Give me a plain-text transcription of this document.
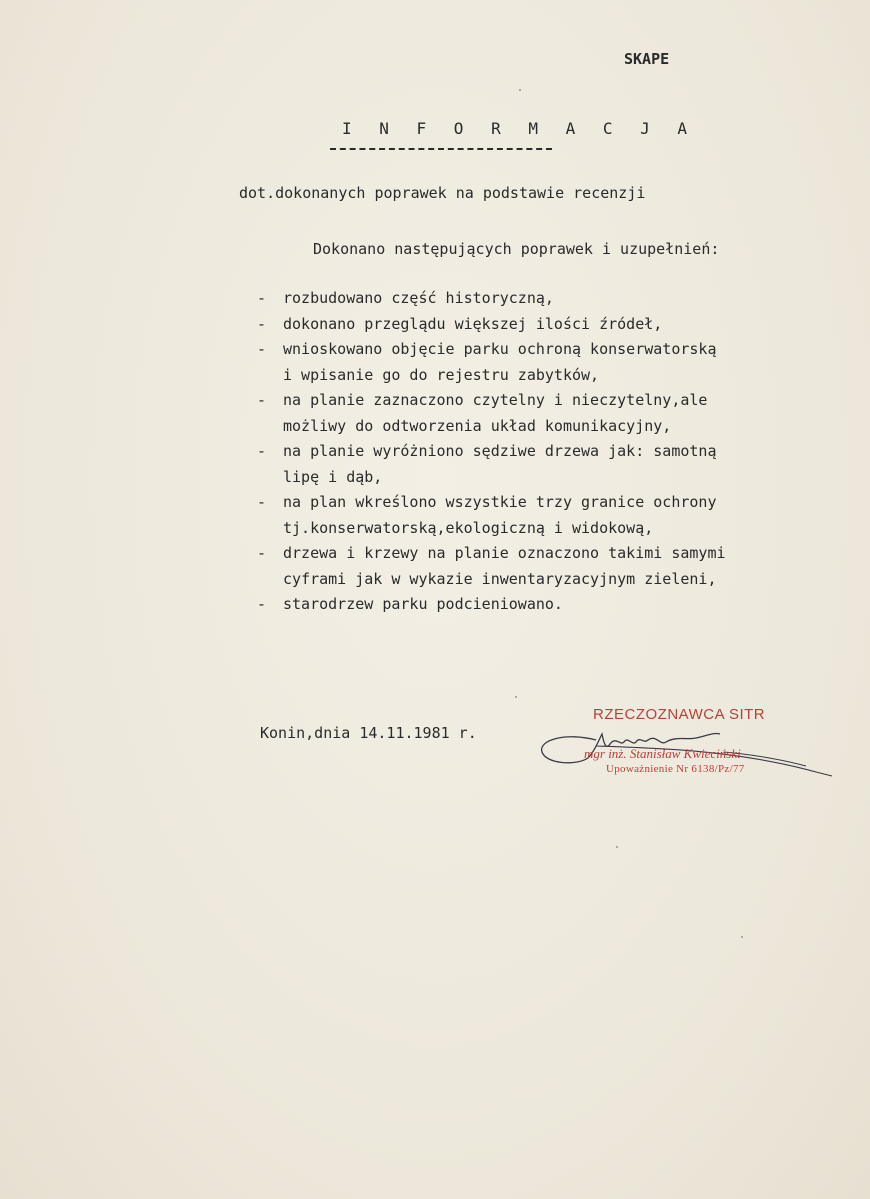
SKAPE
I N F O R M A C J A
dot.dokonanych poprawek na podstawie recenzji
Dokonano następujących poprawek i uzupełnień:
- rozbudowano część historyczną,
- dokonano przeglądu większej ilości źródeł,
- wnioskowano objęcie parku ochroną konserwatorską
i wpisanie go do rejestru zabytków,
- na planie zaznaczono czytelny i nieczytelny,ale
możliwy do odtworzenia układ komunikacyjny,
- na planie wyróżniono sędziwe drzewa jak: samotną
lipę i dąb,
- na plan wkreślono wszystkie trzy granice ochrony
tj.konserwatorską,ekologiczną i widokową,
- drzewa i krzewy na planie oznaczono takimi samymi
cyframi jak w wykazie inwentaryzacyjnym zieleni,
- starodrzew parku podcieniowano.
Konin,dnia 14.11.1981 r.
RZECZOZNAWCA SITR
mgr inż. Stanisław Kwieciński
Upoważnienie Nr 6138/Pz/77
